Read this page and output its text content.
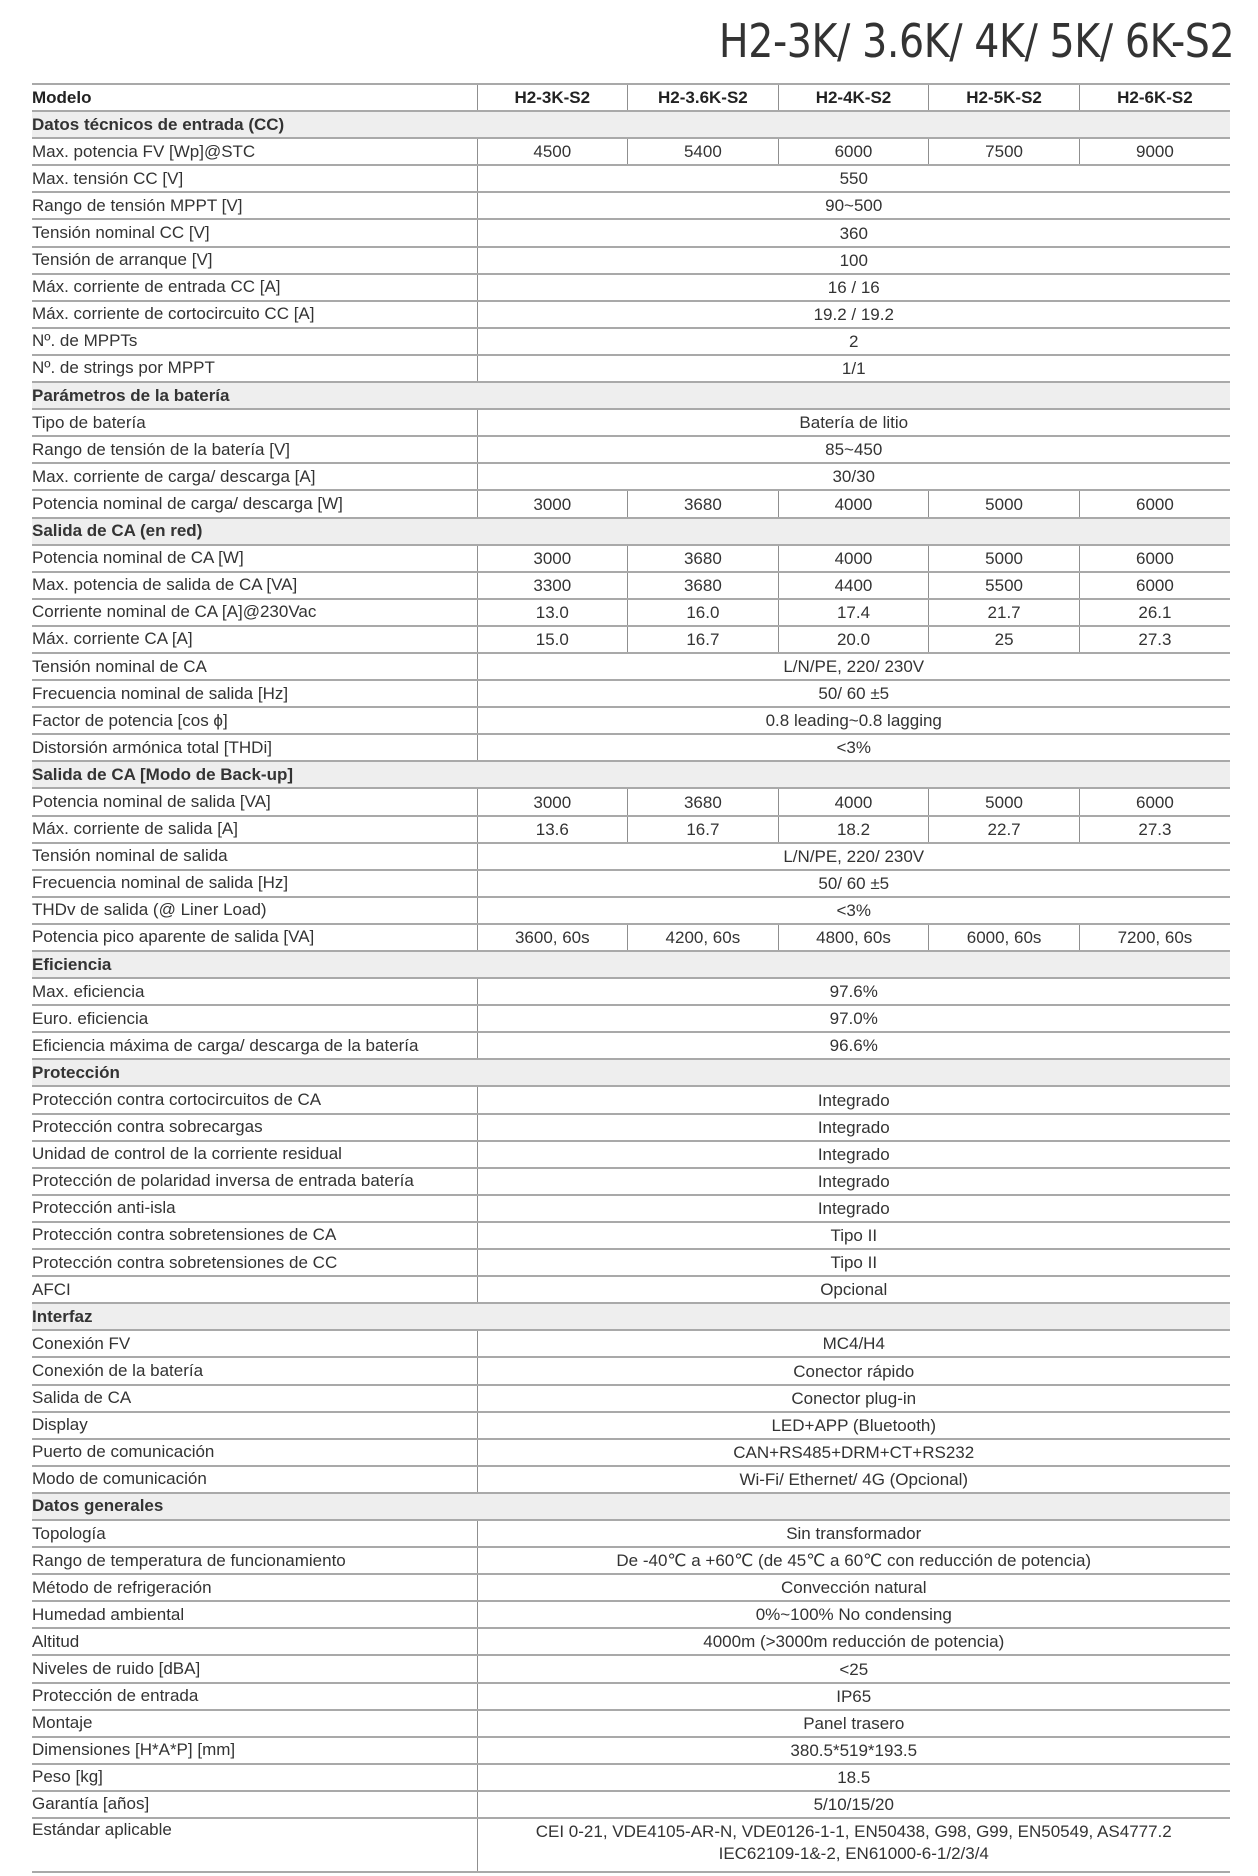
H2-3K/ 3.6K/ 4K/ 5K/ 6K-S2
Modelo	H2-3K-S2	H2-3.6K-S2	H2-4K-S2	H2-5K-S2	H2-6K-S2
Datos técnicos de entrada (CC)					
Max. potencia FV [Wp]@STC	4500	5400	6000	7500	9000
Max. tensión CC [V]	550				
Rango de tensión MPPT [V]	90~500				
Tensión nominal CC [V]	360				
Tensión de arranque [V]	100				
Máx. corriente de entrada CC [A]	16 / 16				
Máx. corriente de cortocircuito CC [A]	19.2 / 19.2				
Nº. de MPPTs	2				
Nº. de strings por MPPT	1/1				
Parámetros de la batería					
Tipo de batería	Batería de litio				
Rango de tensión de la batería [V]	85~450				
Max. corriente de carga/ descarga [A]	30/30				
Potencia nominal de carga/ descarga [W]	3000	3680	4000	5000	6000
Salida de CA (en red)					
Potencia nominal de CA [W]	3000	3680	4000	5000	6000
Max. potencia de salida de CA [VA]	3300	3680	4400	5500	6000
Corriente nominal de CA [A]@230Vac	13.0	16.0	17.4	21.7	26.1
Máx. corriente CA [A]	15.0	16.7	20.0	25	27.3
Tensión nominal de CA	L/N/PE, 220/ 230V				
Frecuencia nominal de salida [Hz]	50/ 60 ±5				
Factor de potencia [cos ϕ]	0.8 leading~0.8 lagging				
Distorsión armónica total [THDi]	<3%				
Salida de CA [Modo de Back-up]					
Potencia nominal de salida [VA]	3000	3680	4000	5000	6000
Máx. corriente de salida [A]	13.6	16.7	18.2	22.7	27.3
Tensión nominal de salida	L/N/PE, 220/ 230V				
Frecuencia nominal de salida [Hz]	50/ 60 ±5				
THDv de salida (@ Liner Load)	<3%				
Potencia pico aparente de salida [VA]	3600, 60s	4200, 60s	4800, 60s	6000, 60s	7200, 60s
Eficiencia					
Max. eficiencia	97.6%				
Euro. eficiencia	97.0%				
Eficiencia máxima de carga/ descarga de la batería	96.6%				
Protección					
Protección contra cortocircuitos de CA	Integrado				
Protección contra sobrecargas	Integrado				
Unidad de control de la corriente residual	Integrado				
Protección de polaridad inversa de entrada batería	Integrado				
Protección anti-isla	Integrado				
Protección contra sobretensiones de CA	Tipo II				
Protección contra sobretensiones de CC	Tipo II				
AFCI	Opcional				
Interfaz					
Conexión FV	MC4/H4				
Conexión de la batería	Conector rápido				
Salida de CA	Conector plug-in				
Display	LED+APP (Bluetooth)				
Puerto de comunicación	CAN+RS485+DRM+CT+RS232				
Modo de comunicación	Wi-Fi/ Ethernet/ 4G (Opcional)				
Datos generales					
Topología	Sin transformador				
Rango de temperatura de funcionamiento	De -40℃ a +60℃ (de 45℃ a 60℃ con reducción de potencia)				
Método de refrigeración	Convección natural				
Humedad ambiental	0%~100% No condensing				
Altitud	4000m (>3000m reducción de potencia)				
Niveles de ruido [dBA]	<25				
Protección de entrada	IP65				
Montaje	Panel trasero				
Dimensiones [H*A*P] [mm]	380.5*519*193.5				
Peso [kg]	18.5				
Garantía [años]	5/10/15/20				
Estándar aplicable	CEI 0-21, VDE4105-AR-N, VDE0126-1-1, EN50438, G98, G99, EN50549, AS4777.2
IEC62109-1&-2, EN61000-6-1/2/3/4				
